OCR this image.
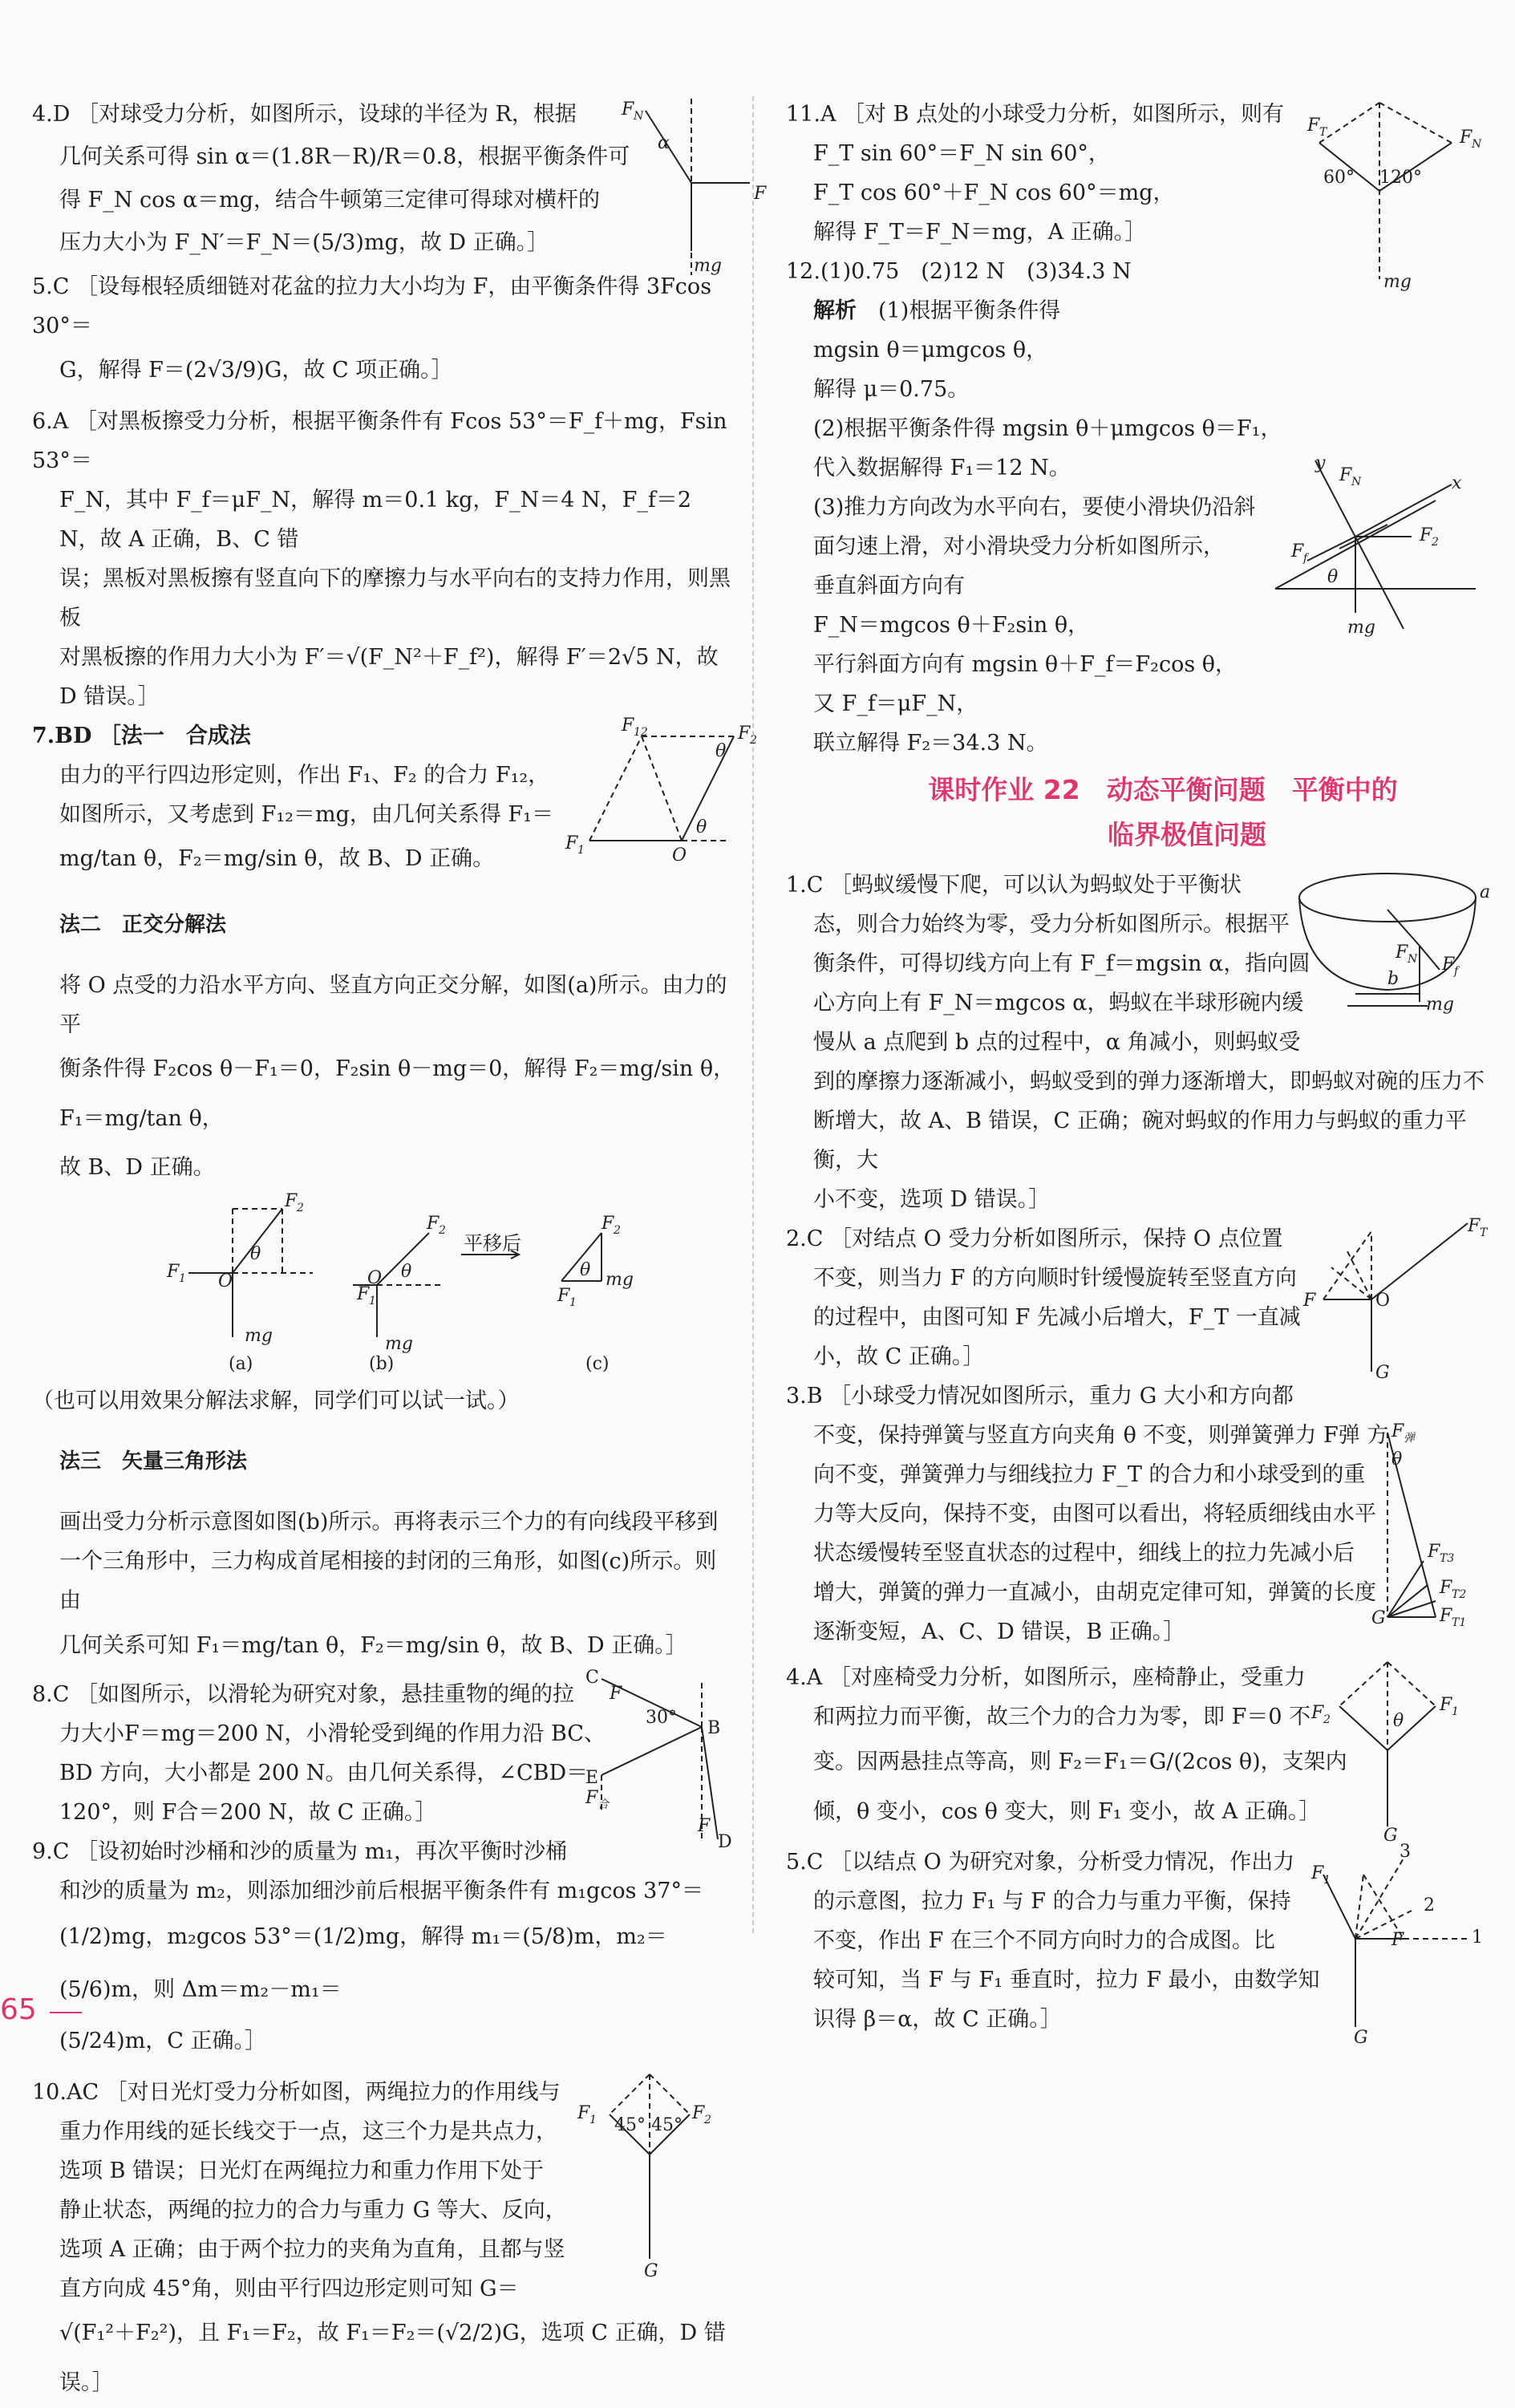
4.D ［对球受力分析，如图所示，设球的半径为 R，根据

几何关系可得 sin α＝(1.8R－R)/R＝0.8，根据平衡条件可

得 F_N cos α＝mg，结合牛顿第三定律可得球对横杆的

压力大小为 F_N′＝F_N＝(5/3)mg，故 D 正确。］

F N
α
F
mg

5.C ［设每根轻质细链对花盆的拉力大小均为 F，由平衡条件得 3Fcos 30°＝

G，解得 F＝(2√3/9)G，故 C 项正确。］

6.A ［对黑板擦受力分析，根据平衡条件有 Fcos 53°＝F_f＋mg，Fsin 53°＝

F_N，其中 F_f＝μF_N，解得 m＝0.1 kg，F_N＝4 N，F_f＝2 N，故 A 正确，B、C 错

误；黑板对黑板擦有竖直向下的摩擦力与水平向右的支持力作用，则黑板

对黑板擦的作用力大小为 F′＝√(F_N²＋F_f²)，解得 F′＝2√5 N，故 D 错误。］

7.BD ［法一　合成法

由力的平行四边形定则，作出 F₁、F₂ 的合力 F₁₂，

如图所示，又考虑到 F₁₂＝mg，由几何关系得 F₁＝

mg/tan θ，F₂＝mg/sin θ，故 B、D 正确。

F 12	F 2
θ
θ
F 1	O

法二　正交分解法

将 O 点受的力沿水平方向、竖直方向正交分解，如图(a)所示。由力的平

衡条件得 F₂cos θ－F₁＝0，F₂sin θ－mg＝0，解得 F₂＝mg/sin θ，F₁＝mg/tan θ，

故 B、D 正确。

F 1
F 2
θ
O
mg
(a)
F 2
θ
F 1
O
mg
(b)
F 2
θ mg
F 1
(c)
平移后

（也可以用效果分解法求解，同学们可以试一试。）

法三　矢量三角形法

画出受力分析示意图如图(b)所示。再将表示三个力的有向线段平移到

一个三角形中，三力构成首尾相接的封闭的三角形，如图(c)所示。则由

几何关系可知 F₁＝mg/tan θ，F₂＝mg/sin θ，故 B、D 正确。］

8.C ［如图所示，以滑轮为研究对象，悬挂重物的绳的拉

力大小F＝mg＝200 N，小滑轮受到绳的作用力沿 BC、

BD 方向，大小都是 200 N。由几何关系得，∠CBD＝

120°，则 F合＝200 N，故 C 正确。］

C
F
30°
B
E
F 合
F
D

9.C ［设初始时沙桶和沙的质量为 m₁，再次平衡时沙桶

和沙的质量为 m₂，则添加细沙前后根据平衡条件有 m₁gcos 37°＝

(1/2)mg，m₂gcos 53°＝(1/2)mg，解得 m₁＝(5/8)m，m₂＝(5/6)m，则 Δm＝m₂－m₁＝

(5/24)m，C 正确。］

10.AC ［对日光灯受力分析如图，两绳拉力的作用线与

重力作用线的延长线交于一点，这三个力是共点力，

选项 B 错误；日光灯在两绳拉力和重力作用下处于

静止状态，两绳的拉力的合力与重力 G 等大、反向，

选项 A 正确；由于两个拉力的夹角为直角，且都与竖

直方向成 45°角，则由平行四边形定则可知 G＝

√(F₁²＋F₂²)，且 F₁＝F₂，故 F₁＝F₂＝(√2/2)G，选项 C 正确，D 错误。］

F 1	F 2
45° 45°
G

11.A ［对 B 点处的小球受力分析，如图所示，则有

F_T sin 60°＝F_N sin 60°，

F_T cos 60°＋F_N cos 60°＝mg，

解得 F_T＝F_N＝mg，A 正确。］

F T	F N
60° 120°
mg

12.(1)0.75　(2)12 N　(3)34.3 N

解析　 (1)根据平衡条件得

mgsin θ＝μmgcos θ，

解得 μ＝0.75。

(2)根据平衡条件得 mgsin θ＋μmgcos θ＝F₁，

代入数据解得 F₁＝12 N。

(3)推力方向改为水平向右，要使小滑块仍沿斜

面匀速上滑，对小滑块受力分析如图所示，

垂直斜面方向有

F_N＝mgcos θ＋F₂sin θ，

平行斜面方向有 mgsin θ＋F_f＝F₂cos θ，

又 F_f＝μF_N，

联立解得 F₂＝34.3 N。

y
F N	x
F 2
F f
θ
mg
课时作业 22　动态平衡问题　平衡中的
临界极值问题

1.C ［蚂蚁缓慢下爬，可以认为蚂蚁处于平衡状

态，则合力始终为零，受力分析如图所示。根据平

衡条件，可得切线方向上有 F_f＝mgsin α，指向圆

心方向上有 F_N＝mgcos α，蚂蚁在半球形碗内缓

慢从 a 点爬到 b 点的过程中，α 角减小，则蚂蚁受

到的摩擦力逐渐减小，蚂蚁受到的弹力逐渐增大，即蚂蚁对碗的压力不

断增大，故 A、B 错误，C 正确；碗对蚂蚁的作用力与蚂蚁的重力平衡，大

小不变，选项 D 错误。］

a
F N F f
b
mg

2.C ［对结点 O 受力分析如图所示，保持 O 点位置

不变，则当力 F 的方向顺时针缓慢旋转至竖直方向

的过程中，由图可知 F 先减小后增大，F_T 一直减

小，故 C 正确。］

F T
F	O
G

3.B ［小球受力情况如图所示，重力 G 大小和方向都

不变，保持弹簧与竖直方向夹角 θ 不变，则弹簧弹力 F弹 方

向不变，弹簧弹力与细线拉力 F_T 的合力和小球受到的重

力等大反向，保持不变，由图可以看出，将轻质细线由水平

状态缓慢转至竖直状态的过程中，细线上的拉力先减小后

增大，弹簧的弹力一直减小，由胡克定律可知，弹簧的长度

逐渐变短，A、C、D 错误，B 正确。］

F 弹
θ
F T3
F T2
F T1
G

4.A ［对座椅受力分析，如图所示，座椅静止，受重力

和两拉力而平衡，故三个力的合力为零，即 F＝0 不

变。因两悬挂点等高，则 F₂＝F₁＝G/(2cos θ)，支架内

倾，θ 变小，cos θ 变大，则 F₁ 变小，故 A 正确。］

F 2
F 1
θ
G

5.C ［以结点 O 为研究对象，分析受力情况，作出力

的示意图，拉力 F₁ 与 F 的合力与重力平衡，保持

不变，作出 F 在三个不同方向时力的合成图。比

较可知，当 F 与 F₁ 垂直时，拉力 F 最小，由数学知

识得 β＝α，故 C 正确。］

F 1
3
2
1
F
G
65
